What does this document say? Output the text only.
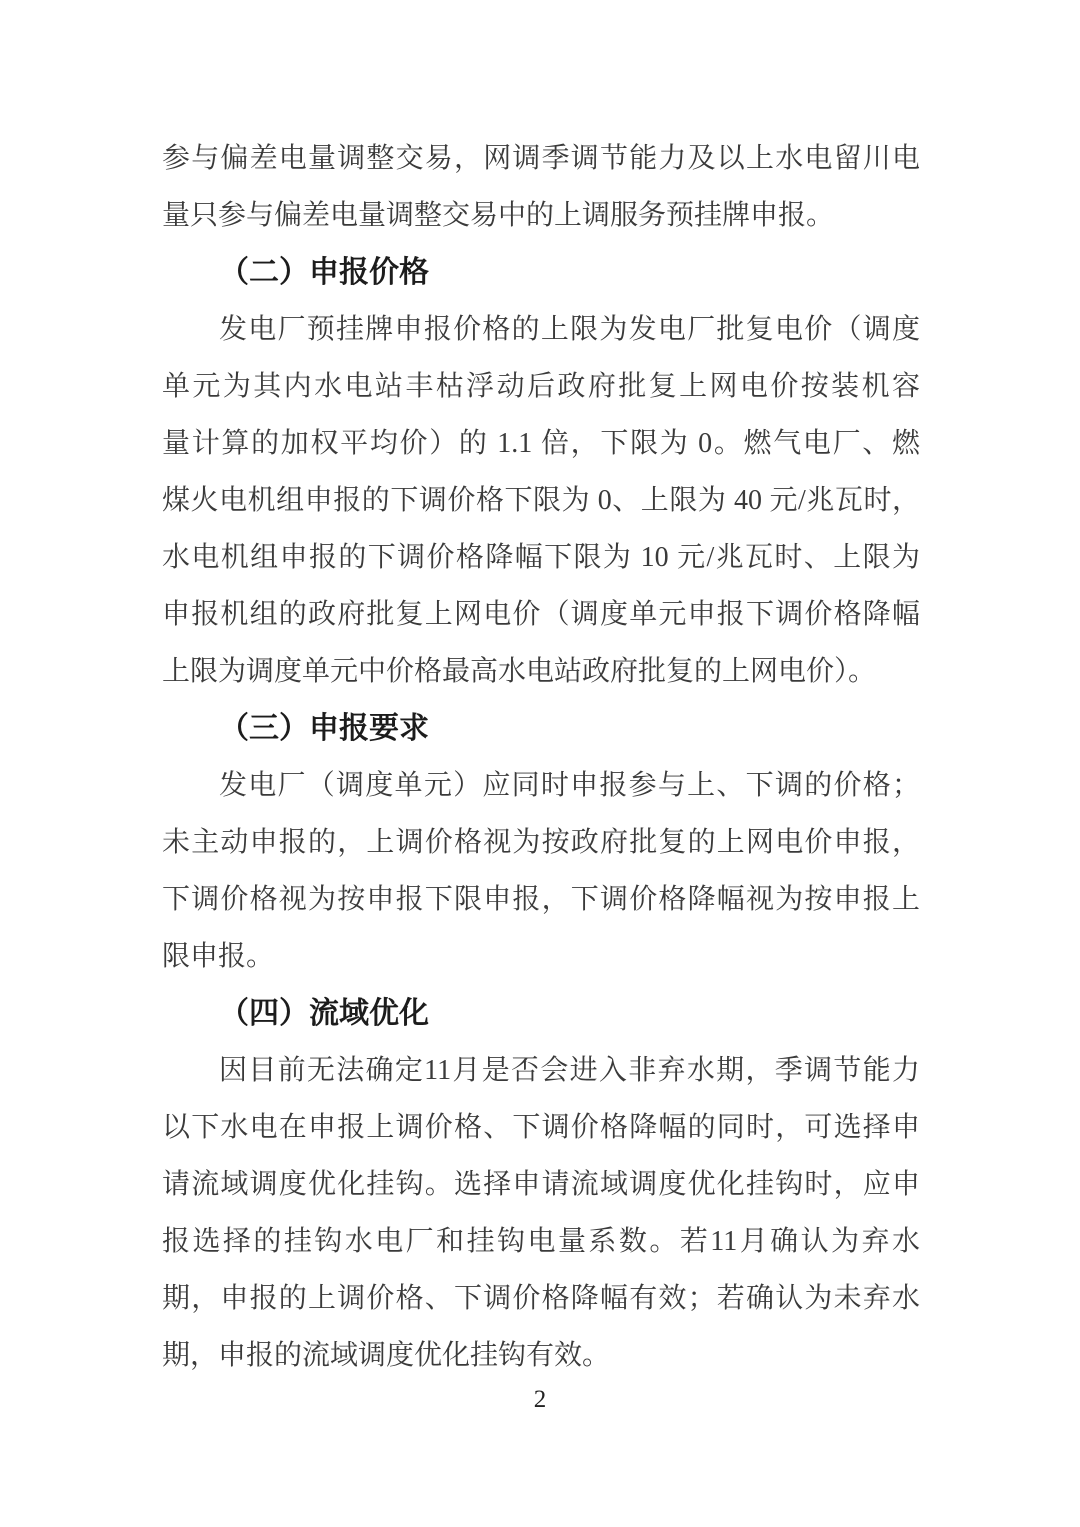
参与偏差电量调整交易，网调季调节能力及以上水电留川电
量只参与偏差电量调整交易中的上调服务预挂牌申报。
（二）申报价格
发电厂预挂牌申报价格的上限为发电厂批复电价（调度
单元为其内水电站丰枯浮动后政府批复上网电价按装机容
量计算的加权平均价）的 1.1 倍，下限为 0。燃气电厂、燃
煤火电机组申报的下调价格下限为 0、上限为 40 元/兆瓦时，
水电机组申报的下调价格降幅下限为 10 元/兆瓦时、上限为
申报机组的政府批复上网电价（调度单元申报下调价格降幅
上限为调度单元中价格最高水电站政府批复的上网电价）。
（三）申报要求
发电厂（调度单元）应同时申报参与上、下调的价格；
未主动申报的，上调价格视为按政府批复的上网电价申报，
下调价格视为按申报下限申报，下调价格降幅视为按申报上
限申报。
（四）流域优化
因目前无法确定11月是否会进入非弃水期，季调节能力
以下水电在申报上调价格、下调价格降幅的同时，可选择申
请流域调度优化挂钩。选择申请流域调度优化挂钩时，应申
报选择的挂钩水电厂和挂钩电量系数。若11月确认为弃水
期，申报的上调价格、下调价格降幅有效；若确认为未弃水
期，申报的流域调度优化挂钩有效。
2
